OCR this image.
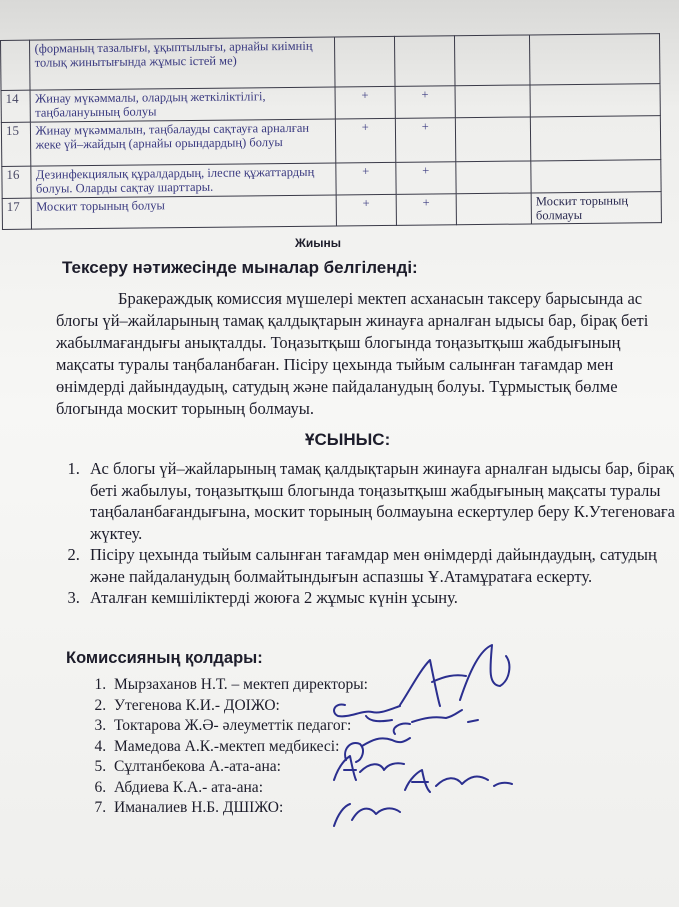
	(форманың тазалығы, ұқыптылығы, арнайы киімнің толық жинытығында жұмыс істей ме)				
14	Жинау мүкәммалы, олардың жеткіліктілігі, таңбалануының болуы	+	+		
15	Жинау мүкәммалын, таңбалауды сақтауға арналған жеке үй–жайдың (арнайы орындардың) болуы	+	+		
16	Дезинфекциялық құралдардың, ілеспе құжаттардың болуы. Оларды сақтау шарттары.	+	+		
17	Москит торының болуы	+	+		Москит торының болмауы
Жиыны
Тексеру нәтижесінде мыналар белгіленді:

Бракераждық комиссия мүшелері мектеп асханасын таксеру барысында ас блогы үй–жайларының тамақ қалдықтарын жинауға арналған ыдысы бар, бірақ беті жабылмағандығы анықталды. Тоңазытқыш блогында тоңазытқыш жабдығының мақсаты туралы таңбаланбаған. Пісіру цехында тыйым салынған тағамдар мен өнімдерді дайындаудың, сатудың және пайдаланудың болуы. Тұрмыстық бөлме блогында москит торының болмауы.

ҰСЫНЫС:
1. Ас блогы үй–жайларының тамақ қалдықтарын жинауға арналған ыдысы бар, бірақ беті жабылуы, тоңазытқыш блогында тоңазытқыш жабдығының мақсаты туралы таңбаланбағандығына, москит торының болмауына ескертулер беру К.Утегеноваға жүктеу.
2. Пісіру цехында тыйым салынған тағамдар мен өнімдерді дайындаудың, сатудың және пайдаланудың болмайтындығын аспазшы Ұ.Атамұратаға ескерту.
3. Аталған кемшіліктерді жоюға 2 жұмыс күнін ұсыну.
Комиссияның қолдары:
1. Мырзаханов Н.Т. – мектеп директоры:
2. Утегенова К.И.- ДОІЖО:
3. Токтарова Ж.Ә- әлеуметтік педагог:
4. Мамедова А.К.-мектеп медбикесі:
5. Сұлтанбекова А.-ата-ана:
6. Абдиева К.А.- ата-ана:
7. Иманалиев Н.Б. ДШІЖО:
